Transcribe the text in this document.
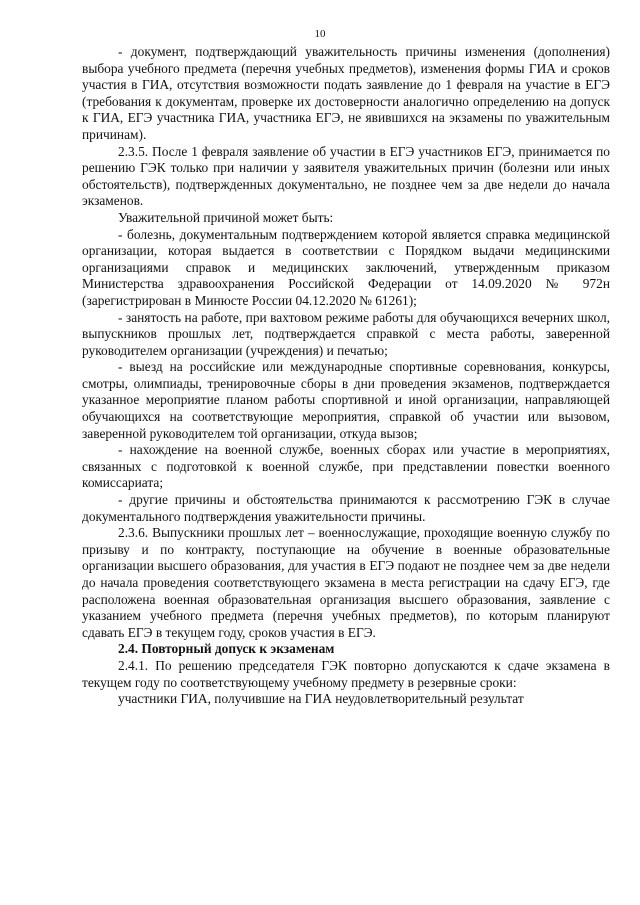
10

- документ, подтверждающий уважительность причины изменения (дополнения) выбора учебного предмета (перечня учебных предметов), изменения формы ГИА и сроков участия в ГИА, отсутствия возможности подать заявление до 1 февраля на участие в ЕГЭ (требования к документам, проверке их достоверности аналогично определению на допуск к ГИА, ЕГЭ участника ГИА, участника ЕГЭ, не явившихся на экзамены по уважительным причинам).

2.3.5. После 1 февраля заявление об участии в ЕГЭ участников ЕГЭ, принимается по решению ГЭК только при наличии у заявителя уважительных причин (болезни или иных обстоятельств), подтвержденных документально, не позднее чем за две недели до начала экзаменов.

Уважительной причиной может быть:

- болезнь, документальным подтверждением которой является справка медицинской организации, которая выдается в соответствии с Порядком выдачи медицинскими организациями справок и медицинских заключений, утвержденным приказом Министерства здравоохранения Российской Федерации от 14.09.2020 № 972н (зарегистрирован в Минюсте России 04.12.2020 № 61261);

- занятость на работе, при вахтовом режиме работы для обучающихся вечерних школ, выпускников прошлых лет, подтверждается справкой с места работы, заверенной руководителем организации (учреждения) и печатью;

- выезд на российские или международные спортивные соревнования, конкурсы, смотры, олимпиады, тренировочные сборы в дни проведения экзаменов, подтверждается указанное мероприятие планом работы спортивной и иной организации, направляющей обучающихся на соответствующие мероприятия, справкой об участии или вызовом, заверенной руководителем той организации, откуда вызов;

- нахождение на военной службе, военных сборах или участие в мероприятиях, связанных с подготовкой к военной службе, при представлении повестки военного комиссариата;

- другие причины и обстоятельства принимаются к рассмотрению ГЭК в случае документального подтверждения уважительности причины.

2.3.6. Выпускники прошлых лет – военнослужащие, проходящие военную службу по призыву и по контракту, поступающие на обучение в военные образовательные организации высшего образования, для участия в ЕГЭ подают не позднее чем за две недели до начала проведения соответствующего экзамена в места регистрации на сдачу ЕГЭ, где расположена военная образовательная организация высшего образования, заявление с указанием учебного предмета (перечня учебных предметов), по которым планируют сдавать ЕГЭ в текущем году, сроков участия в ЕГЭ.

2.4. Повторный допуск к экзаменам

2.4.1. По решению председателя ГЭК повторно допускаются к сдаче экзамена в текущем году по соответствующему учебному предмету в резервные сроки:

участники ГИА, получившие на ГИА неудовлетворительный результат
